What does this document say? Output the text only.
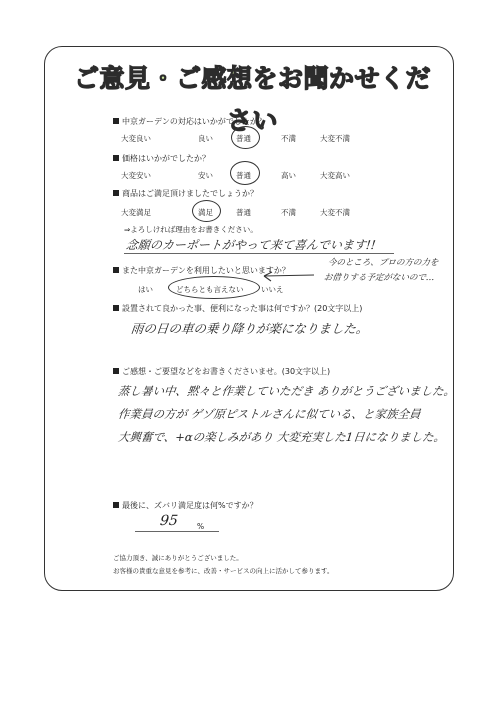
ご意見・ご感想をお聞かせください
中京ガーデンの対応はいかがでしたか？
大変良い	良い	普通	不満	大変不満
価格はいかがでしたか？
大変安い	安い	普通	高い	大変高い
商品はご満足頂けましたでしょうか？
大変満足	満足	普通	不満	大変不満
⇒よろしければ理由をお書きください。
念願のカーポートがやって来て喜んでいます!!
また中京ガーデンを利用したいと思いますか？
はい	どちらとも言えない いいえ
今のところ、プロの方の力を
お借りする予定がないので…
設置されて良かった事、便利になった事は何ですか？(20文字以上)
雨の日の車の乗り降りが楽になりました。
ご感想・ご要望などをお書きくださいませ。(30文字以上)
蒸し暑い中、黙々と作業していただき ありがとうございました。
作業員の方が ゲゾ原ピストルさんに似ている、と家族全員
大興奮で、+αの楽しみがあり 大変充実した1日になりました。
最後に、ズバリ満足度は何%ですか？
95 %
ご協力頂き、誠にありがとうございました。
お客様の貴重な意見を参考に、改善・サービスの向上に活かして参ります。
